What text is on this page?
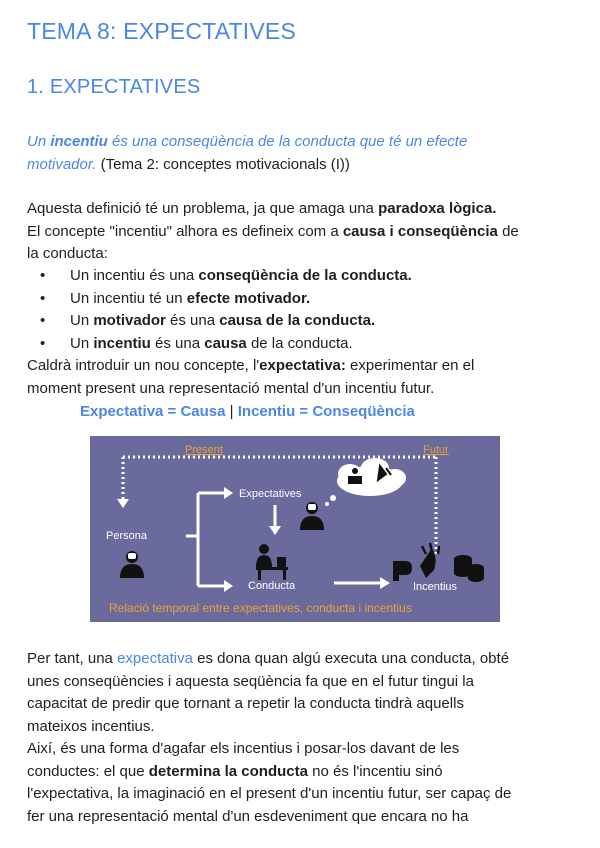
TEMA 8: EXPECTATIVES
1. EXPECTATIVES

Un incentiu és una conseqüència de la conducta que té un efecte
motivador. (Tema 2: conceptes motivacionals (I))

Aquesta definició té un problema, ja que amaga una paradoxa lògica.
El concepte "incentiu" alhora es defineix com a causa i conseqüència de
la conducta:

• Un incentiu és una conseqüència de la conducta.
• Un incentiu té un efecte motivador.
• Un motivador és una causa de la conducta.
• Un incentiu és una causa de la conducta.

Caldrà introduir un nou concepte, l'expectativa: experimentar en el
moment present una representació mental d'un incentiu futur.

Expectativa = Causa | Incentiu = Conseqüència
Present	Futur
Persona
Expectatives
Conducta	Incentius
Relació temporal entre expectatives, conducta i incentius

Per tant, una expectativa es dona quan algú executa una conducta, obté
unes conseqüències i aquesta seqüència fa que en el futur tingui la
capacitat de predir que tornant a repetir la conducta tindrà aquells
mateixos incentius.
Així, és una forma d'agafar els incentius i posar-los davant de les
conductes: el que determina la conducta no és l'incentiu sinó
l'expectativa, la imaginació en el present d'un incentiu futur, ser capaç de
fer una representació mental d'un esdeveniment que encara no ha
